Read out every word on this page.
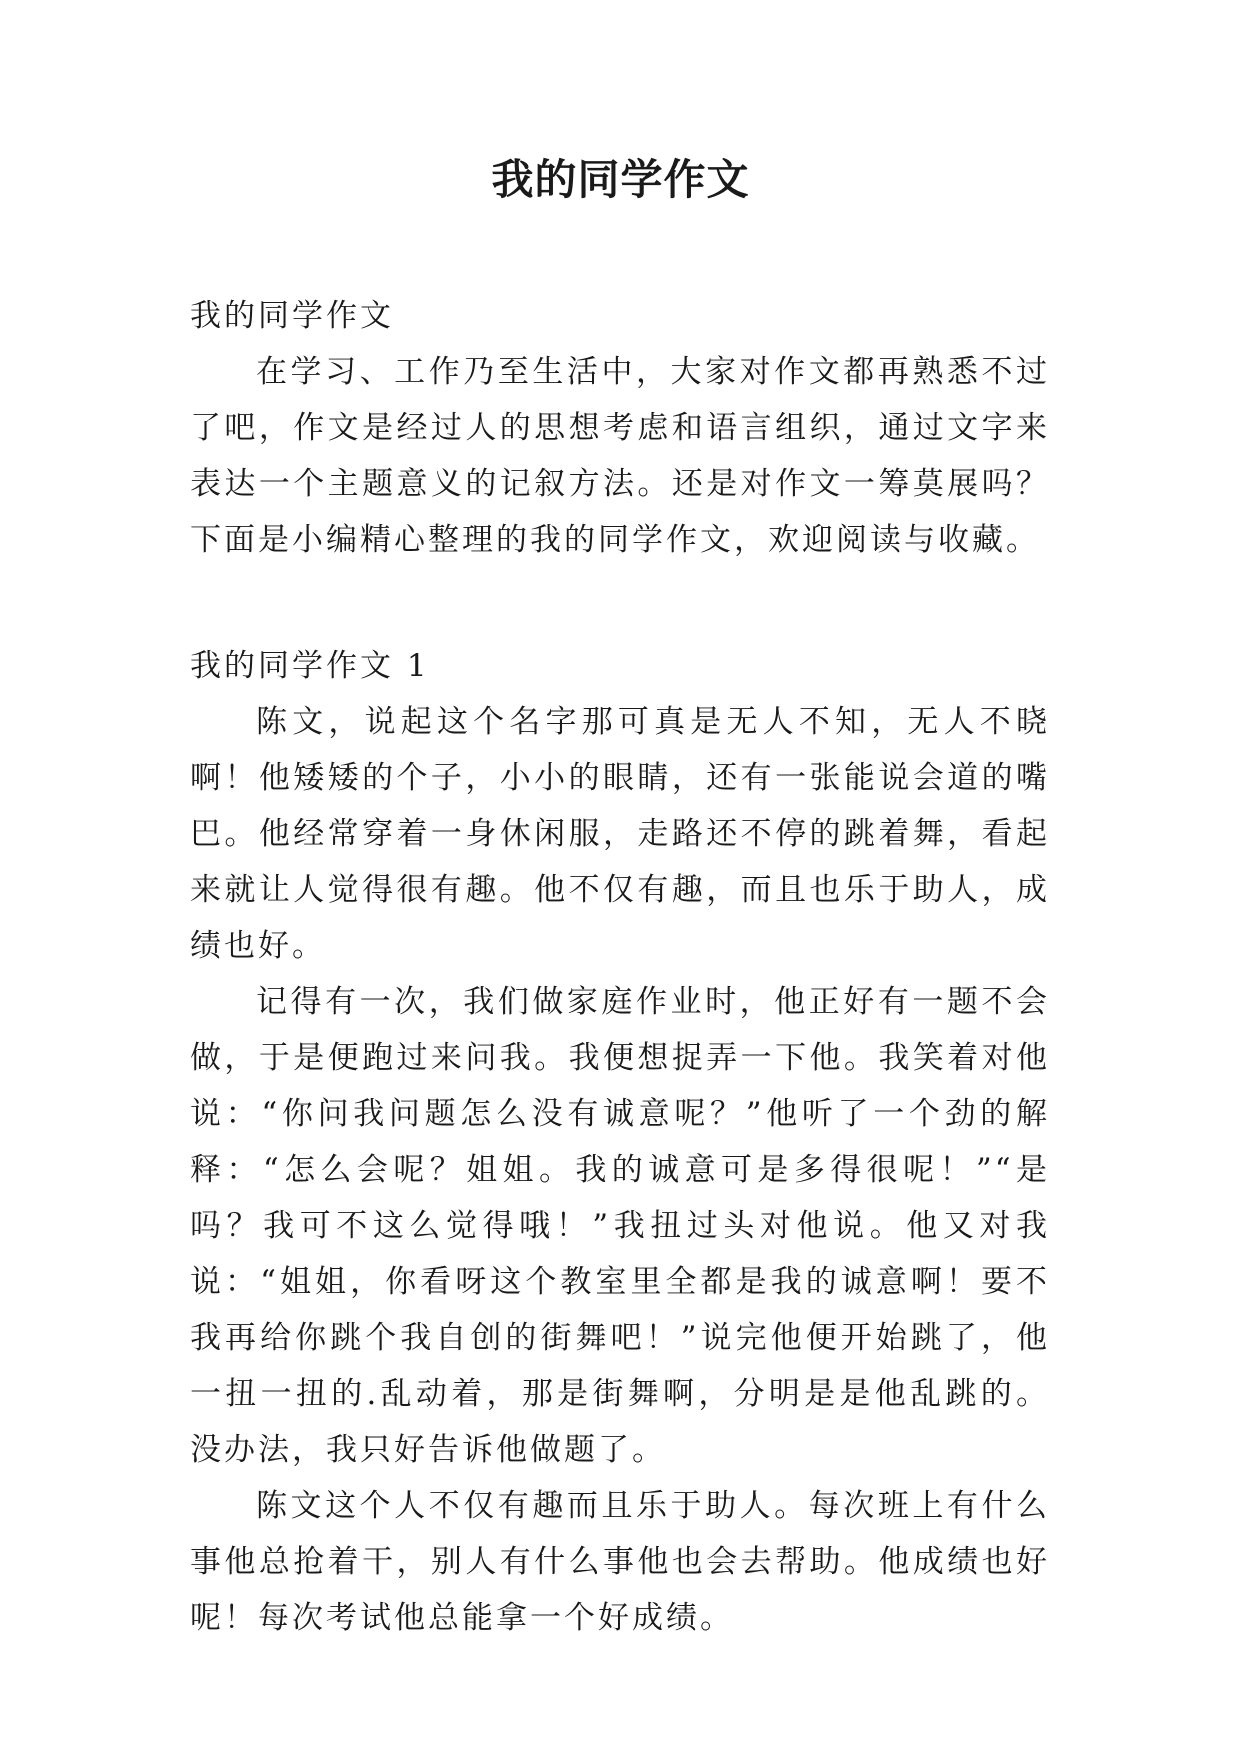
我的同学作文

我的同学作文

在学习、工作乃至生活中，大家对作文都再熟悉不过了吧，作文是经过人的思想考虑和语言组织，通过文字来表达一个主题意义的记叙方法。还是对作文一筹莫展吗？下面是小编精心整理的我的同学作文，欢迎阅读与收藏。

我的同学作文 1

陈文，说起这个名字那可真是无人不知，无人不晓啊！他矮矮的个子，小小的眼睛，还有一张能说会道的嘴巴。他经常穿着一身休闲服，走路还不停的跳着舞，看起来就让人觉得很有趣。他不仅有趣，而且也乐于助人，成绩也好。

记得有一次，我们做家庭作业时，他正好有一题不会做，于是便跑过来问我。我便想捉弄一下他。我笑着对他说：“你问我问题怎么没有诚意呢？”他听了一个劲的解释：“怎么会呢？姐姐。我的诚意可是多得很呢！”“是吗？我可不这么觉得哦！”我扭过头对他说。他又对我说：“姐姐，你看呀这个教室里全都是我的诚意啊！要不我再给你跳个我自创的街舞吧！”说完他便开始跳了，他一扭一扭的.乱动着，那是街舞啊，分明是是他乱跳的。没办法，我只好告诉他做题了。

陈文这个人不仅有趣而且乐于助人。每次班上有什么事他总抢着干，别人有什么事他也会去帮助。他成绩也好呢！每次考试他总能拿一个好成绩。
